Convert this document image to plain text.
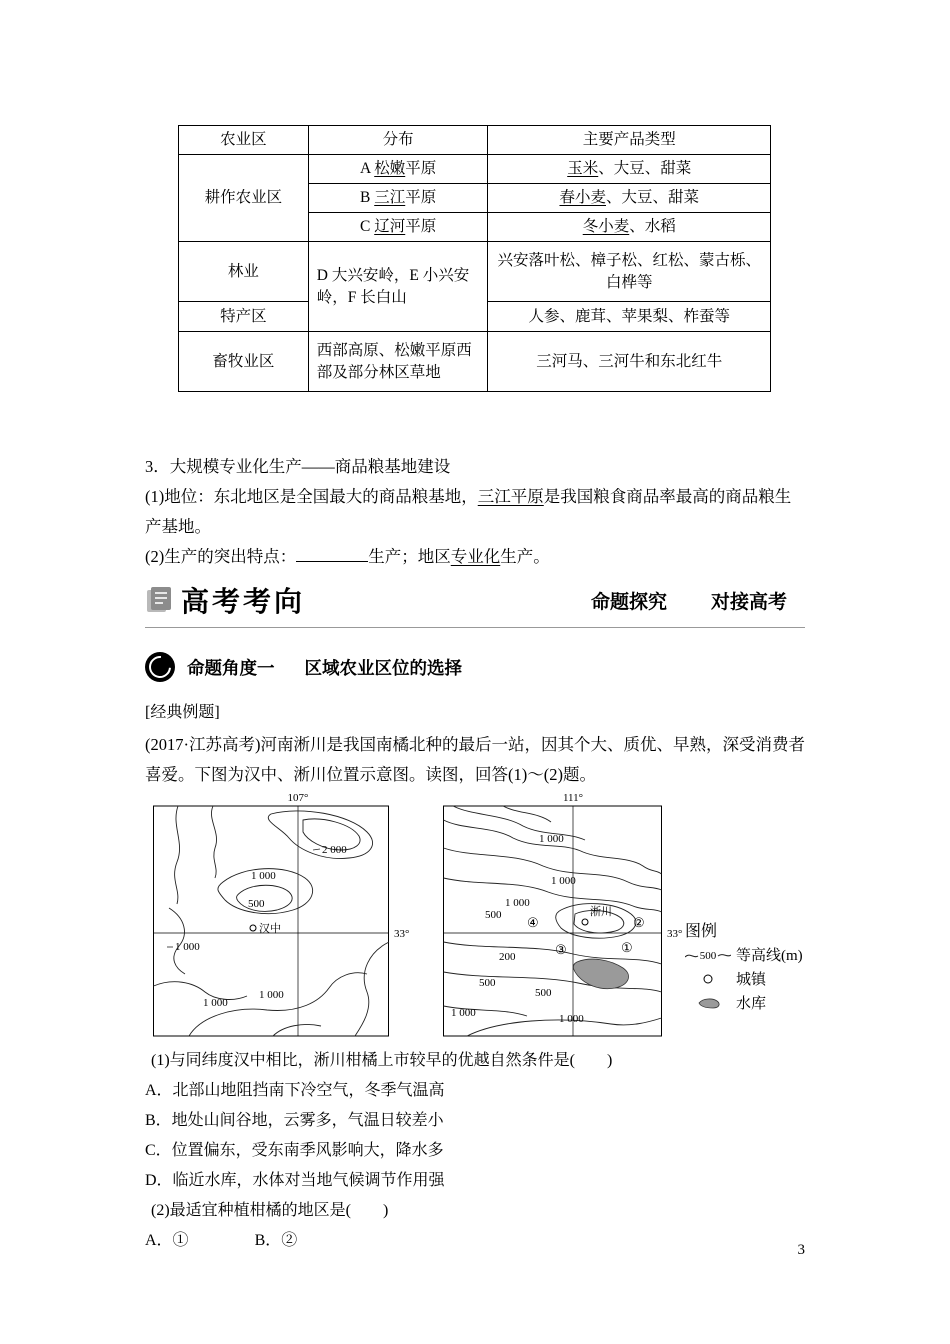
农业区	分布	主要产品类型
耕作农业区	A 松嫩平原	玉米、大豆、甜菜
	B 三江平原	春小麦、大豆、甜菜
	C 辽河平原	冬小麦、水稻
林业	D 大兴安岭，E 小兴安岭，F 长白山	兴安落叶松、樟子松、红松、蒙古栎、白桦等
特产区		人参、鹿茸、苹果梨、柞蚕等
畜牧业区	西部高原、松嫩平原西部及部分林区草地	三河马、三河牛和东北红牛
3．大规模专业化生产——商品粮基地建设
(1)地位：东北地区是全国最大的商品粮基地，三江平原是我国粮食商品率最高的商品粮生产基地。
(2)生产的突出特点：	生产；地区专业化生产。
高考考向	命题探究 对接高考
命题角度一 区域农业区位的选择
[经典例题]
(2017·江苏高考)河南淅川是我国南橘北种的最后一站，因其个大、质优、早熟，深受消费者喜爱。下图为汉中、淅川位置示意图。读图，回答(1)～(2)题。
107°
33°
2 000
1 000
500
1 000
1 000
1 000
汉中
111°
33°
1 000
1 000
1 000
500
200
500
500
1 000	1 000
淅川
④	②
③	①
图例
500 等高线(m)
城镇
水库
(1)与同纬度汉中相比，淅川柑橘上市较早的优越自然条件是(　　)
A．北部山地阻挡南下冷空气，冬季气温高
B．地处山间谷地，云雾多，气温日较差小
C．位置偏东，受东南季风影响大，降水多
D．临近水库，水体对当地气候调节作用强
(2)最适宜种植柑橘的地区是(　　)
A．①	B．②
3
